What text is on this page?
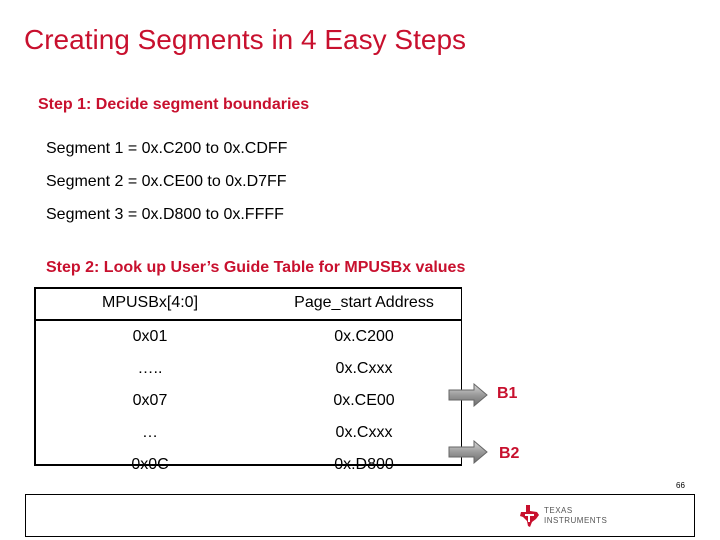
Creating Segments in 4 Easy Steps
Step 1: Decide segment boundaries
Segment 1 = 0x.C200 to 0x.CDFF
Segment 2 = 0x.CE00 to 0x.D7FF
Segment 3 = 0x.D800 to 0x.FFFF
Step 2: Look up User’s Guide Table for MPUSBx values
MPUSBx[4:0]	Page_start Address
0x01	0x.C200
…..	0x.Cxxx
0x07	0x.CE00
…	0x.Cxxx
0x0C	0x.D800
B1
B2
66
TEXAS
INSTRUMENTS
